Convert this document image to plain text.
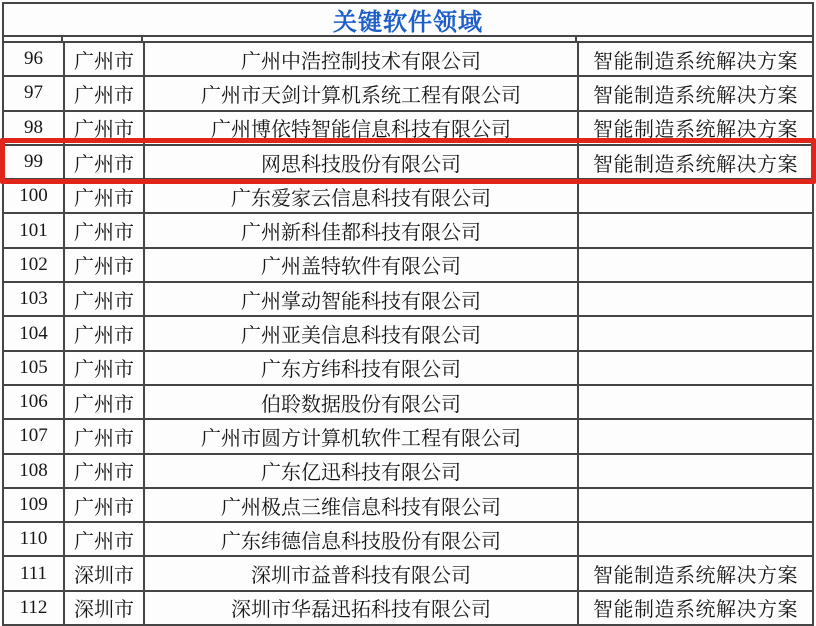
关键软件领域
96	广州市	广州中浩控制技术有限公司	智能制造系统解决方案
97	广州市	广州市天剑计算机系统工程有限公司	智能制造系统解决方案
98	广州市	广州博依特智能信息科技有限公司	智能制造系统解决方案
99	广州市	网思科技股份有限公司	智能制造系统解决方案
100	广州市	广东爱家云信息科技有限公司
101	广州市	广州新科佳都科技有限公司
102	广州市	广州盖特软件有限公司
103	广州市	广州掌动智能科技有限公司
104	广州市	广州亚美信息科技有限公司
105	广州市	广东方纬科技有限公司
106	广州市	伯聆数据股份有限公司
107	广州市	广州市圆方计算机软件工程有限公司
108	广州市	广东亿迅科技有限公司
109	广州市	广州极点三维信息科技有限公司
110	广州市	广东纬德信息科技股份有限公司
111	深圳市	深圳市益普科技有限公司	智能制造系统解决方案
112	深圳市	深圳市华磊迅拓科技有限公司	智能制造系统解决方案
